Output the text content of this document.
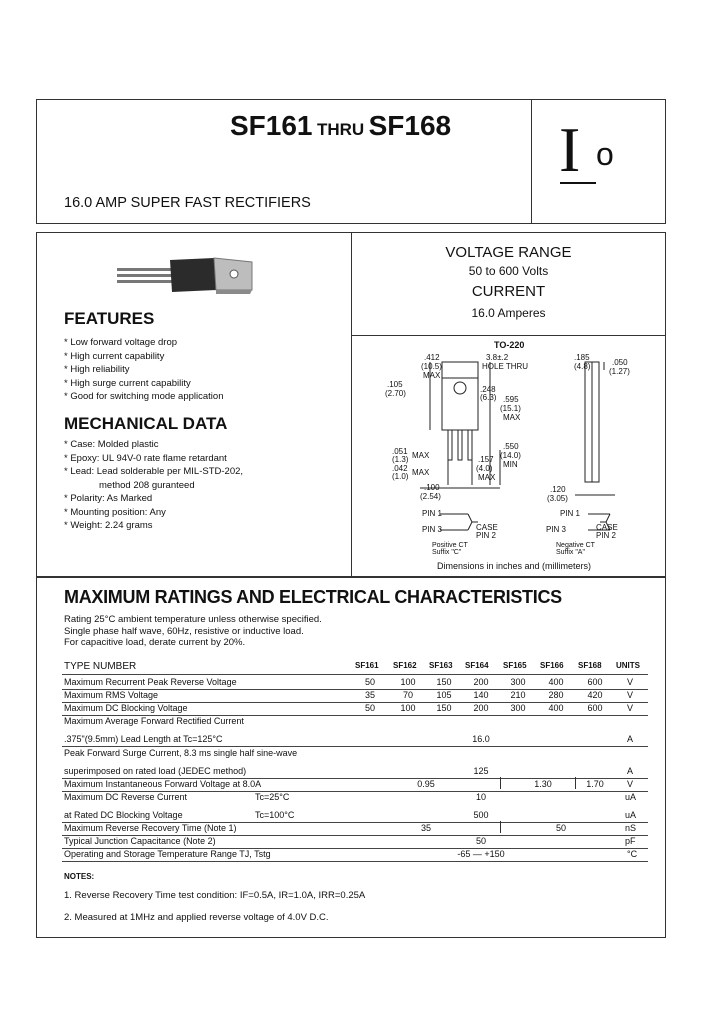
SF161 THRU SF168
16.0 AMP SUPER FAST RECTIFIERS
I o
VOLTAGE RANGE
50 to 600 Volts
CURRENT
16.0 Amperes
FEATURES
* Low forward voltage drop
* High current capability
* High reliability
* High surge current capability
* Good for switching mode application
MECHANICAL DATA
* Case: Molded plastic
* Epoxy: UL 94V-0 rate flame retardant
* Lead: Lead solderable per MIL-STD-202,
method 208 guranteed
* Polarity: As Marked
* Mounting position: Any
* Weight: 2.24 grams
TO-220
.412
(10.5)
MAX
3.8±.2
HOLE THRU
.185
(4.8)	.050
(1.27)
.105
(2.70)	.248
(6.3) .595
(15.1)
MAX
.051
(1.3) MAX	.157
(4.0)
MAX
.550
(14.0)
MIN
.042
(1.0) MAX
.100
(2.54)
.120
(3.05)
PIN 1
PIN 3	CASE
PIN 2
Positive CT
Suffix "C"
PIN 1
PIN 3	CASE
PIN 2
Negative CT
Suffix "A"
Dimensions in inches and (millimeters)
MAXIMUM RATINGS AND ELECTRICAL CHARACTERISTICS
Rating 25°C ambient temperature unless otherwise specified.
Single phase half wave, 60Hz, resistive or inductive load.
For capacitive load, derate current by 20%.
TYPE NUMBER	SF161 SF162 SF163 SF164 SF165 SF166 SF168 UNITS
Maximum Recurrent Peak Reverse Voltage	50	100	150	200	300	400	600	V
Maximum RMS Voltage	35	70	105	140	210	280	420	V
Maximum DC Blocking Voltage	50	100	150	200	300	400	600	V
Maximum Average Forward Rectified Current
.375"(9.5mm) Lead Length at Tc=125°C	16.0	A
Peak Forward Surge Current, 8.3 ms single half sine-wave
superimposed on rated load (JEDEC method)	125	A
Maximum Instantaneous Forward Voltage at 8.0A	0.95	1.30	1.70	V
Maximum DC Reverse Current	Tc=25°C	10	uA
at Rated DC Blocking Voltage	Tc=100°C	500	uA
Maximum Reverse Recovery Time (Note 1)	35	50	nS
Typical Junction Capacitance (Note 2)	50	pF
Operating and Storage Temperature Range TJ, Tstg	-65 — +150	°C
NOTES:
1. Reverse Recovery Time test condition: IF=0.5A, IR=1.0A, IRR=0.25A
2. Measured at 1MHz and applied reverse voltage of 4.0V D.C.
